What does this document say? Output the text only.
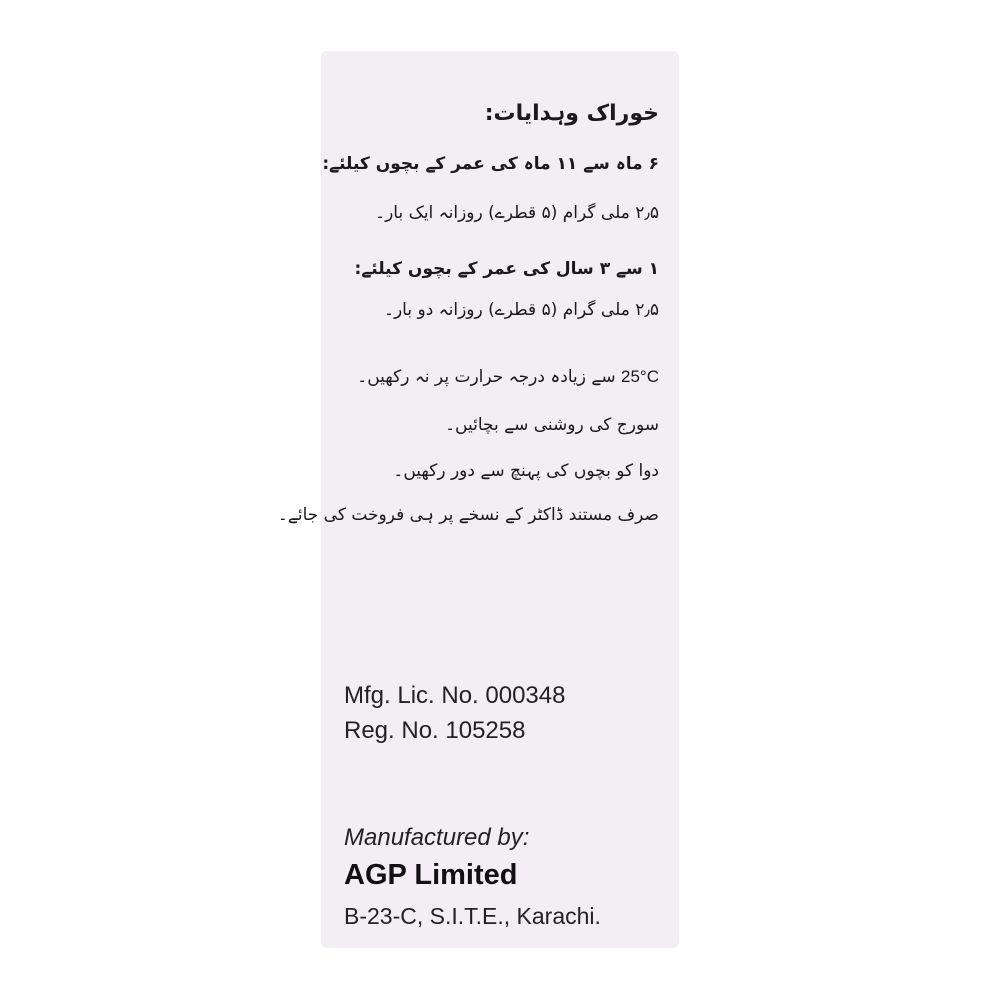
خوراک وہدایات:
۶ ماہ سے ۱۱ ماہ کی عمر کے بچوں کیلئے:
۲٫۵ ملی گرام (۵ قطرے) روزانہ ایک بار۔
۱ سے ۳ سال کی عمر کے بچوں کیلئے:
۲٫۵ ملی گرام (۵ قطرے) روزانہ دو بار۔
25°C سے زیادہ درجہ حرارت پر نہ رکھیں۔
سورج کی روشنی سے بچائیں۔
دوا کو بچوں کی پہنچ سے دور رکھیں۔
صرف مستند ڈاکٹر کے نسخے پر ہی فروخت کی جائے۔
Mfg. Lic. No. 000348
Reg. No. 105258
Manufactured by:
AGP Limited
B-23-C, S.I.T.E., Karachi.
